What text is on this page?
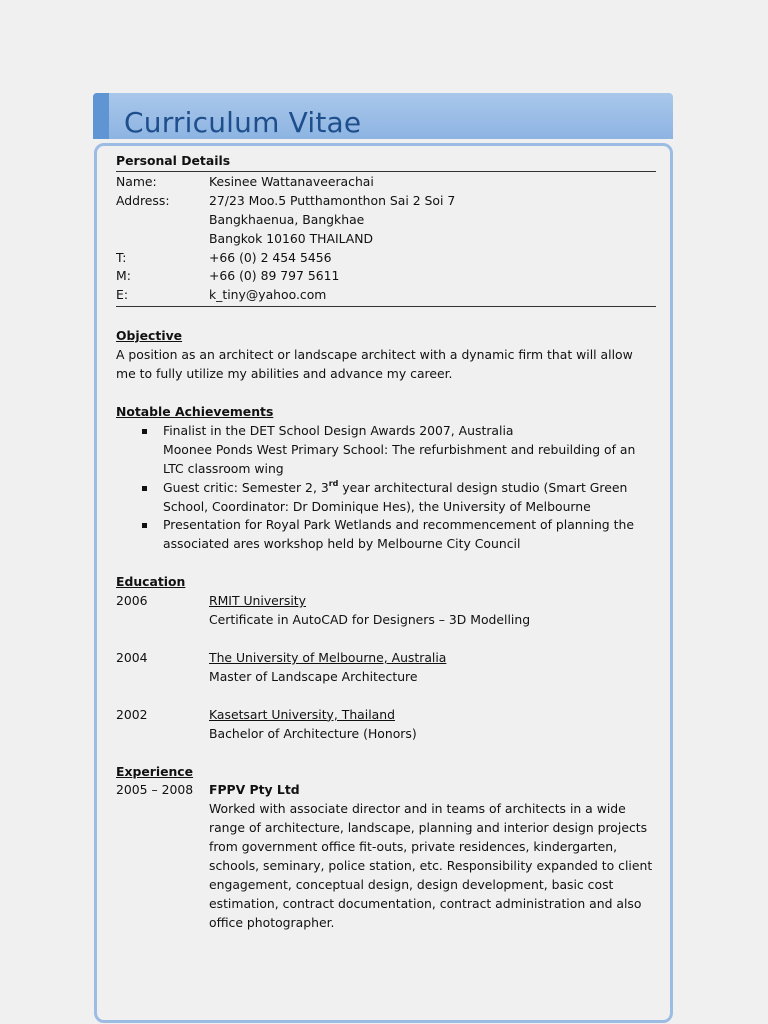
Curriculum Vitae
Personal Details
Name:	Kesinee Wattanaveerachai
Address:	27/23 Moo.5 Putthamonthon Sai 2 Soi 7
Bangkhaenua, Bangkhae
Bangkok 10160 THAILAND
T:	+66 (0) 2 454 5456
M:	+66 (0) 89 797 5611
E:	k_tiny@yahoo.com
Objective
A position as an architect or landscape architect with a dynamic firm that will allow me to fully utilize my abilities and advance my career.
Notable Achievements
Finalist in the DET School Design Awards 2007, Australia
Moonee Ponds West Primary School: The refurbishment and rebuilding of an LTC classroom wing
Guest critic: Semester 2, 3rd year architectural design studio (Smart Green School, Coordinator: Dr Dominique Hes), the University of Melbourne
Presentation for Royal Park Wetlands and recommencement of planning the associated ares workshop held by Melbourne City Council
Education
2006	RMIT University
Certificate in AutoCAD for Designers – 3D Modelling
2004	The University of Melbourne, Australia
Master of Landscape Architecture
2002	Kasetsart University, Thailand
Bachelor of Architecture (Honors)
Experience
2005 – 2008	FPPV Pty Ltd
Worked with associate director and in teams of architects in a wide range of architecture, landscape, planning and interior design projects from government office fit-outs, private residences, kindergarten, schools, seminary, police station, etc. Responsibility expanded to client engagement, conceptual design, design development, basic cost estimation, contract documentation, contract administration and also office photographer.
